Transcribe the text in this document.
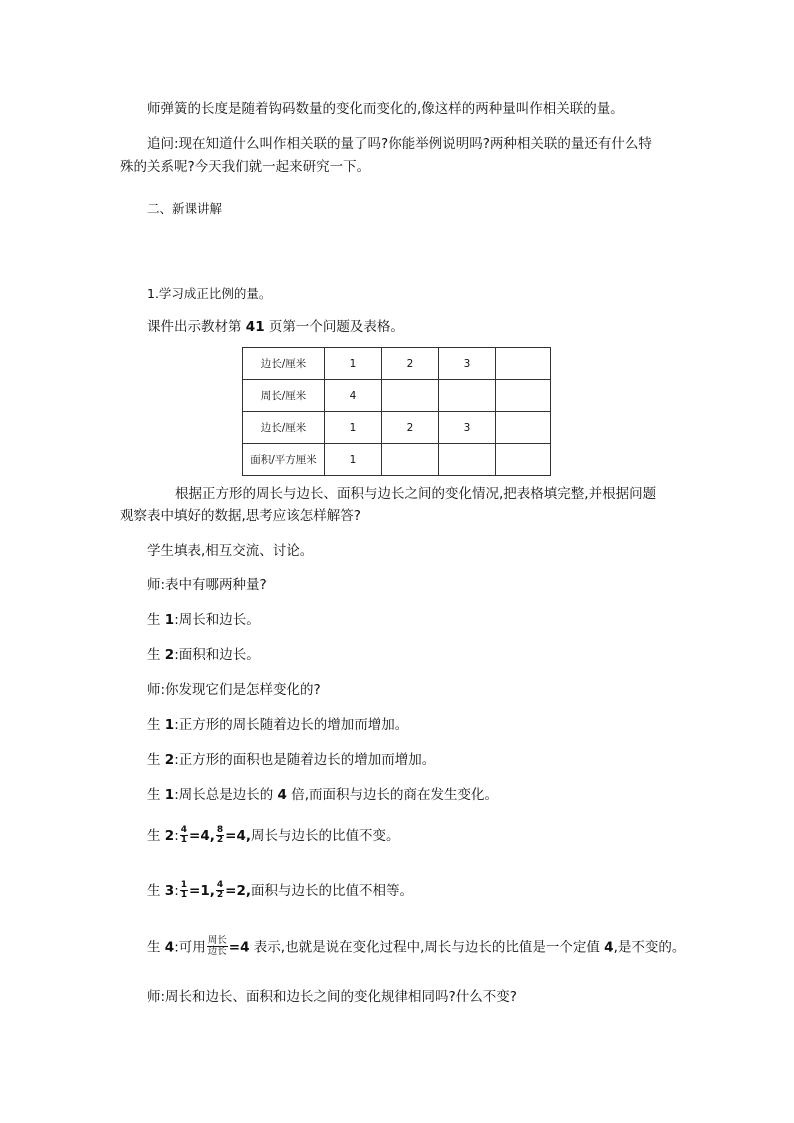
师弹簧的长度是随着钩码数量的变化而变化的,像这样的两种量叫作相关联的量。
追问:现在知道什么叫作相关联的量了吗?你能举例说明吗?两种相关联的量还有什么特
殊的关系呢?今天我们就一起来研究一下。
二、新课讲解
1.学习成正比例的量。
课件出示教材第 41 页第一个问题及表格。
边长/厘米	1	2	3	
周长/厘米	4			
边长/厘米	1	2	3	
面积/平方厘米	1			
根据正方形的周长与边长、面积与边长之间的变化情况,把表格填完整,并根据问题
观察表中填好的数据,思考应该怎样解答?
学生填表,相互交流、讨论。
师:表中有哪两种量?
生 1:周长和边长。
生 2:面积和边长。
师:你发现它们是怎样变化的?
生 1:正方形的周长随着边长的增加而增加。
生 2:正方形的面积也是随着边长的增加而增加。
生 1:周长总是边长的 4 倍,而面积与边长的商在发生变化。
生 2: $\frac{4}{1} =4$, $\frac{8}{2} =4$,周长与边长的比值不变。
生 3: $\frac{1}{1} =1$, $\frac{4}{2} =2$,面积与边长的比值不相等。
生 4:可用 $\frac{\text{周长}}{\text{边长}} =4$ 表示,也就是说在变化过程中,周长与边长的比值是一个定值 4,是不变的。
师:周长和边长、面积和边长之间的变化规律相同吗?什么不变?
